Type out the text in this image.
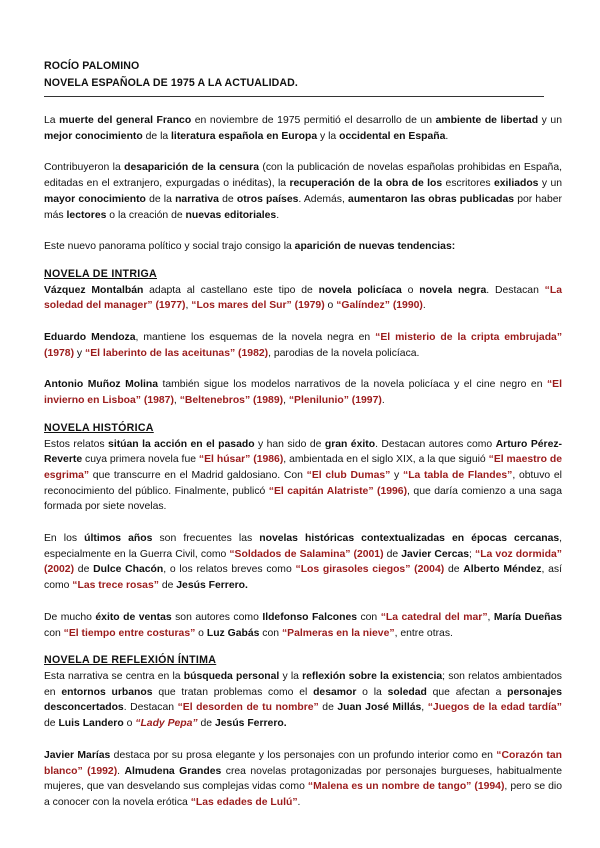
ROCÍO PALOMINO
NOVELA ESPAÑOLA DE 1975 A LA ACTUALIDAD.

La muerte del general Franco en noviembre de 1975 permitió el desarrollo de un ambiente de libertad y un mejor conocimiento de la literatura española en Europa y la occidental en España.

Contribuyeron la desaparición de la censura (con la publicación de novelas españolas prohibidas en España, editadas en el extranjero, expurgadas o inéditas), la recuperación de la obra de los escritores exiliados y un mayor conocimiento de la narrativa de otros países. Además, aumentaron las obras publicadas por haber más lectores o la creación de nuevas editoriales.

Este nuevo panorama político y social trajo consigo la aparición de nuevas tendencias:

NOVELA DE INTRIGA

Vázquez Montalbán adapta al castellano este tipo de novela policíaca o novela negra. Destacan “La soledad del manager” (1977), “Los mares del Sur” (1979) o “Galíndez” (1990).

Eduardo Mendoza, mantiene los esquemas de la novela negra en “El misterio de la cripta embrujada” (1978) y “El laberinto de las aceitunas” (1982), parodias de la novela policíaca.

Antonio Muñoz Molina también sigue los modelos narrativos de la novela policíaca y el cine negro en “El invierno en Lisboa” (1987), “Beltenebros” (1989), “Plenilunio” (1997).

NOVELA HISTÓRICA

Estos relatos sitúan la acción en el pasado y han sido de gran éxito. Destacan autores como Arturo Pérez-Reverte cuya primera novela fue “El húsar” (1986), ambientada en el siglo XIX, a la que siguió “El maestro de esgrima” que transcurre en el Madrid galdosiano. Con “El club Dumas” y “La tabla de Flandes”, obtuvo el reconocimiento del público. Finalmente, publicó “El capitán Alatriste” (1996), que daría comienzo a una saga formada por siete novelas.

En los últimos años son frecuentes las novelas históricas contextualizadas en épocas cercanas, especialmente en la Guerra Civil, como “Soldados de Salamina” (2001) de Javier Cercas; “La voz dormida” (2002) de Dulce Chacón, o los relatos breves como “Los girasoles ciegos” (2004) de Alberto Méndez, así como “Las trece rosas” de Jesús Ferrero.

De mucho éxito de ventas son autores como Ildefonso Falcones con “La catedral del mar”, María Dueñas con “El tiempo entre costuras” o Luz Gabás con “Palmeras en la nieve”, entre otras.

NOVELA DE REFLEXIÓN ÍNTIMA

Esta narrativa se centra en la búsqueda personal y la reflexión sobre la existencia; son relatos ambientados en entornos urbanos que tratan problemas como el desamor o la soledad que afectan a personajes desconcertados. Destacan “El desorden de tu nombre” de Juan José Millás, “Juegos de la edad tardía” de Luis Landero o “Lady Pepa” de Jesús Ferrero.

Javier Marías destaca por su prosa elegante y los personajes con un profundo interior como en “Corazón tan blanco” (1992). Almudena Grandes crea novelas protagonizadas por personajes burgueses, habitualmente mujeres, que van desvelando sus complejas vidas como “Malena es un nombre de tango” (1994), pero se dio a conocer con la novela erótica “Las edades de Lulú”.
